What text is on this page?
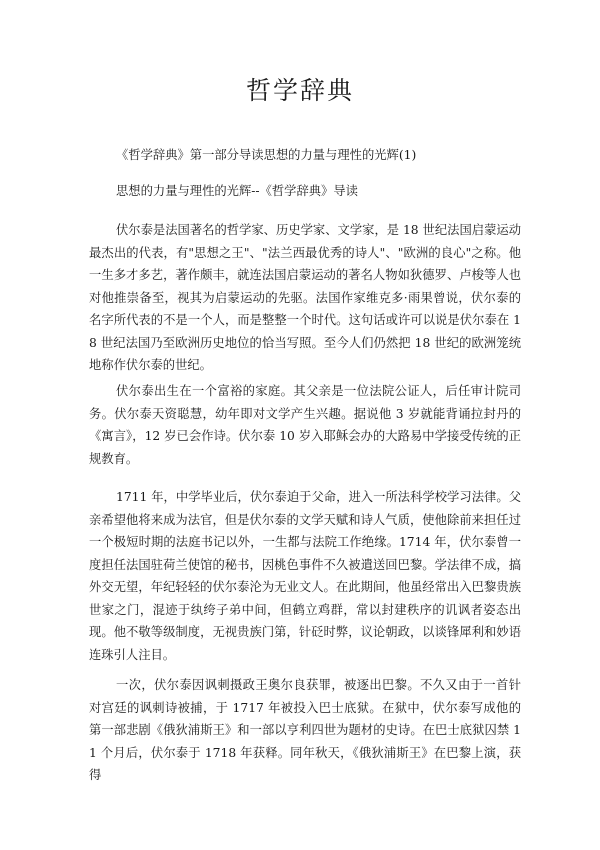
哲学辞典
《哲学辞典》第一部分导读思想的力量与理性的光辉(1)
思想的力量与理性的光辉--《哲学辞典》导读

伏尔泰是法国著名的哲学家、历史学家、文学家，是 18 世纪法国启蒙运动最杰出的代表，有"思想之王"、"法兰西最优秀的诗人"、"欧洲的良心"之称。他一生多才多艺，著作颇丰，就连法国启蒙运动的著名人物如狄德罗、卢梭等人也对他推崇备至，视其为启蒙运动的先驱。法国作家维克多·雨果曾说，伏尔泰的名字所代表的不是一个人，而是整整一个时代。这句话或许可以说是伏尔泰在 18 世纪法国乃至欧洲历史地位的恰当写照。至今人们仍然把 18 世纪的欧洲笼统地称作伏尔泰的世纪。

伏尔泰出生在一个富裕的家庭。其父亲是一位法院公证人，后任审计院司务。伏尔泰天资聪慧，幼年即对文学产生兴趣。据说他 3 岁就能背诵拉封丹的《寓言》，12 岁已会作诗。伏尔泰 10 岁入耶稣会办的大路易中学接受传统的正规教育。

1711 年，中学毕业后，伏尔泰迫于父命，进入一所法科学校学习法律。父亲希望他将来成为法官，但是伏尔泰的文学天赋和诗人气质，使他除前来担任过一个极短时期的法庭书记以外，一生都与法院工作绝缘。1714 年，伏尔泰曾一度担任法国驻荷兰使馆的秘书，因桃色事件不久被遣送回巴黎。学法律不成，搞外交无望，年纪轻轻的伏尔泰沦为无业文人。在此期间，他虽经常出入巴黎贵族世家之门，混迹于纨绔子弟中间，但鹤立鸡群，常以封建秩序的讥讽者姿态出现。他不敬等级制度，无视贵族门第，针砭时弊，议论朝政，以谈锋犀利和妙语连珠引人注目。

一次，伏尔泰因讽刺摄政王奥尔良获罪，被逐出巴黎。不久又由于一首针对宫廷的讽刺诗被捕，于 1717 年被投入巴士底狱。在狱中，伏尔泰写成他的第一部悲剧《俄狄浦斯王》和一部以亨利四世为题材的史诗。在巴士底狱囚禁 11 个月后，伏尔泰于 1718 年获释。同年秋天，《俄狄浦斯王》在巴黎上演，获得
